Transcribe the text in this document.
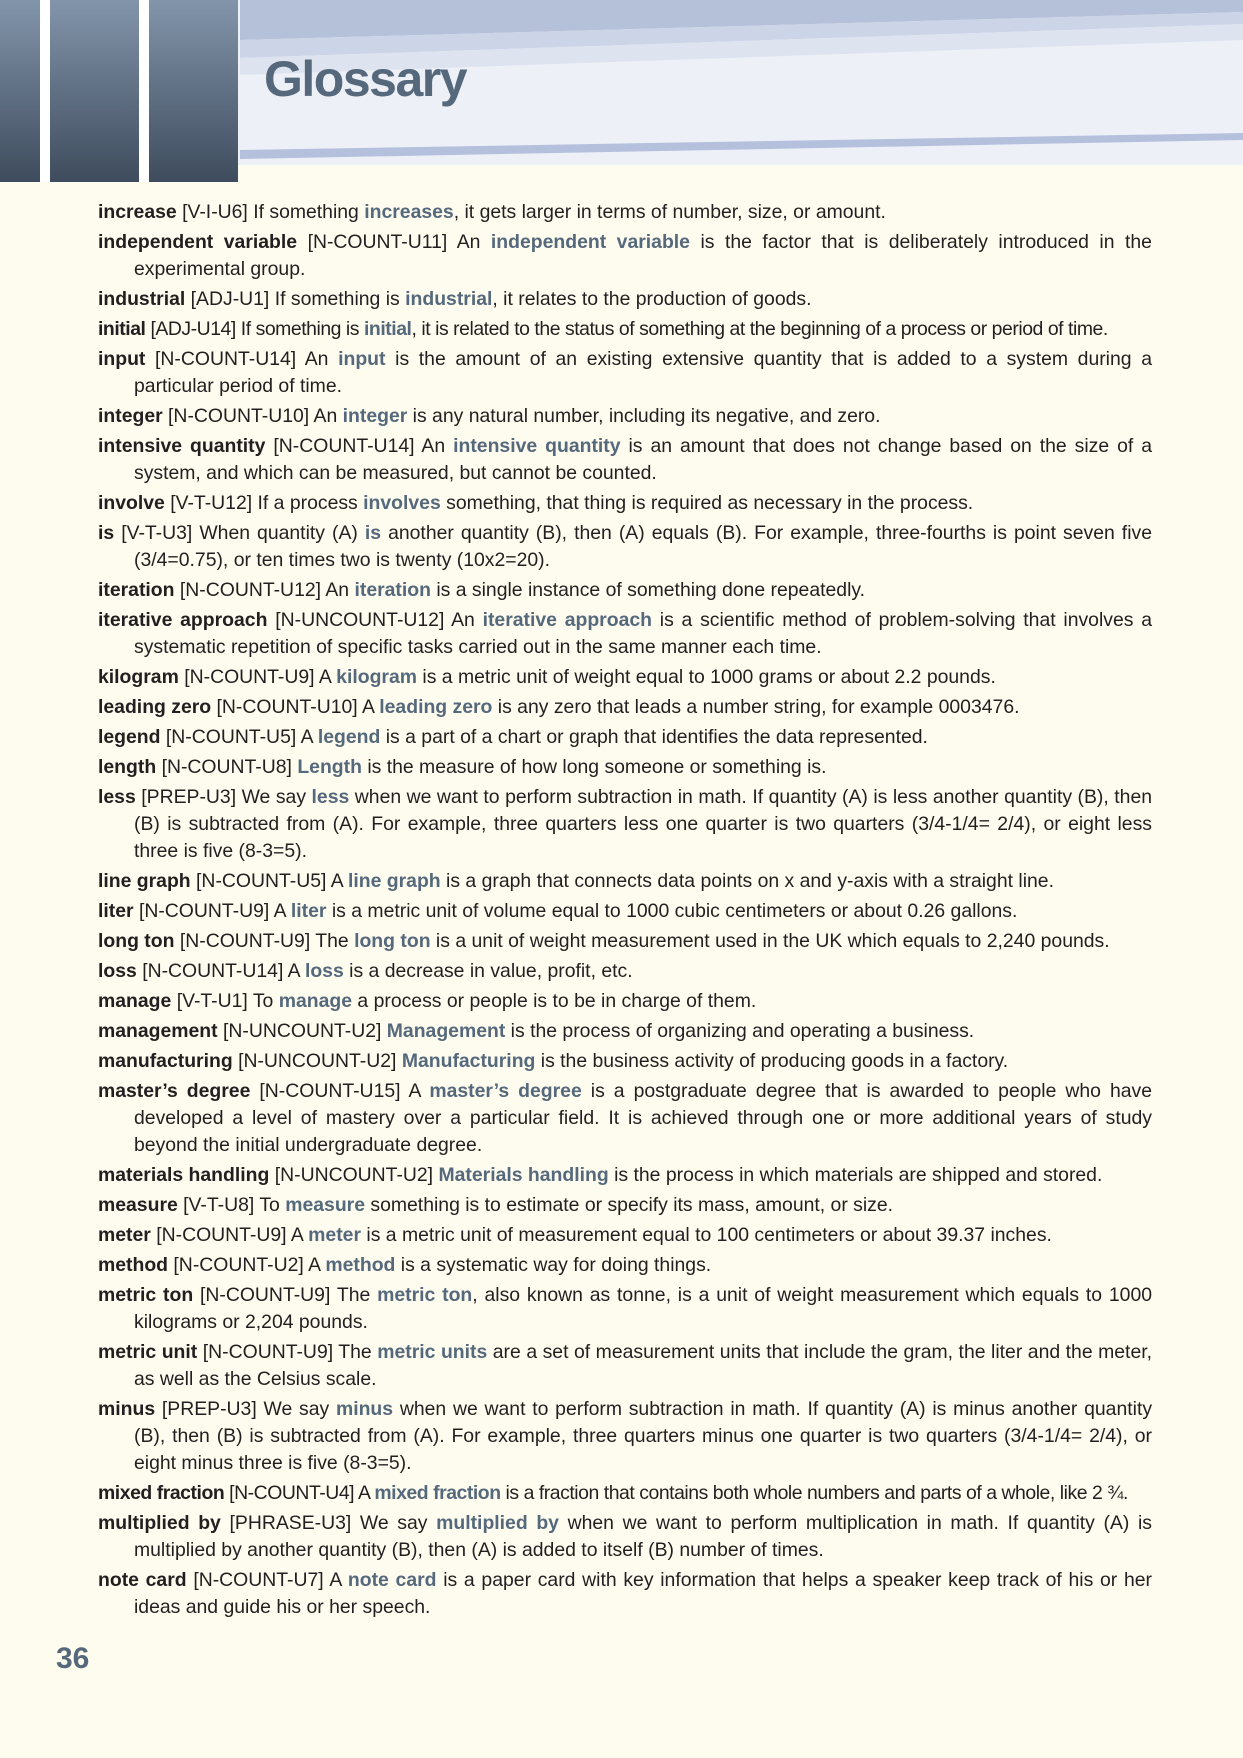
Glossary

increase [V-I-U6] If something increases, it gets larger in terms of number, size, or amount.

independent variable [N-COUNT-U11] An independent variable is the factor that is deliberately introduced in the experimental group.

industrial [ADJ-U1] If something is industrial, it relates to the production of goods.

initial [ADJ-U14] If something is initial, it is related to the status of something at the beginning of a process or period of time.

input [N-COUNT-U14] An input is the amount of an existing extensive quantity that is added to a system during a particular period of time.

integer [N-COUNT-U10] An integer is any natural number, including its negative, and zero.

intensive quantity [N-COUNT-U14] An intensive quantity is an amount that does not change based on the size of a system, and which can be measured, but cannot be counted.

involve [V-T-U12] If a process involves something, that thing is required as necessary in the process.

is [V-T-U3] When quantity (A) is another quantity (B), then (A) equals (B). For example, three-fourths is point seven five (3/4=0.75), or ten times two is twenty (10x2=20).

iteration [N-COUNT-U12] An iteration is a single instance of something done repeatedly.

iterative approach [N-UNCOUNT-U12] An iterative approach is a scientific method of problem-solving that involves a systematic repetition of specific tasks carried out in the same manner each time.

kilogram [N-COUNT-U9] A kilogram is a metric unit of weight equal to 1000 grams or about 2.2 pounds.

leading zero [N-COUNT-U10] A leading zero is any zero that leads a number string, for example 0003476.

legend [N-COUNT-U5] A legend is a part of a chart or graph that identifies the data represented.

length [N-COUNT-U8] Length is the measure of how long someone or something is.

less [PREP-U3] We say less when we want to perform subtraction in math. If quantity (A) is less another quantity (B), then (B) is subtracted from (A). For example, three quarters less one quarter is two quarters (3/4-1/4= 2/4), or eight less three is five (8-3=5).

line graph [N-COUNT-U5] A line graph is a graph that connects data points on x and y-axis with a straight line.

liter [N-COUNT-U9] A liter is a metric unit of volume equal to 1000 cubic centimeters or about 0.26 gallons.

long ton [N-COUNT-U9] The long ton is a unit of weight measurement used in the UK which equals to 2,240 pounds.

loss [N-COUNT-U14] A loss is a decrease in value, profit, etc.

manage [V-T-U1] To manage a process or people is to be in charge of them.

management [N-UNCOUNT-U2] Management is the process of organizing and operating a business.

manufacturing [N-UNCOUNT-U2] Manufacturing is the business activity of producing goods in a factory.

master’s degree [N-COUNT-U15] A master’s degree is a postgraduate degree that is awarded to people who have developed a level of mastery over a particular field. It is achieved through one or more additional years of study beyond the initial undergraduate degree.

materials handling [N-UNCOUNT-U2] Materials handling is the process in which materials are shipped and stored.

measure [V-T-U8] To measure something is to estimate or specify its mass, amount, or size.

meter [N-COUNT-U9] A meter is a metric unit of measurement equal to 100 centimeters or about 39.37 inches.

method [N-COUNT-U2] A method is a systematic way for doing things.

metric ton [N-COUNT-U9] The metric ton, also known as tonne, is a unit of weight measurement which equals to 1000 kilograms or 2,204 pounds.

metric unit [N-COUNT-U9] The metric units are a set of measurement units that include the gram, the liter and the meter, as well as the Celsius scale.

minus [PREP-U3] We say minus when we want to perform subtraction in math. If quantity (A) is minus another quantity (B), then (B) is subtracted from (A). For example, three quarters minus one quarter is two quarters (3/4-1/4= 2/4), or eight minus three is five (8-3=5).

mixed fraction [N-COUNT-U4] A mixed fraction is a fraction that contains both whole numbers and parts of a whole, like 2 ¾.

multiplied by [PHRASE-U3] We say multiplied by when we want to perform multiplication in math. If quantity (A) is multiplied by another quantity (B), then (A) is added to itself (B) number of times.

note card [N-COUNT-U7] A note card is a paper card with key information that helps a speaker keep track of his or her ideas and guide his or her speech.

36
